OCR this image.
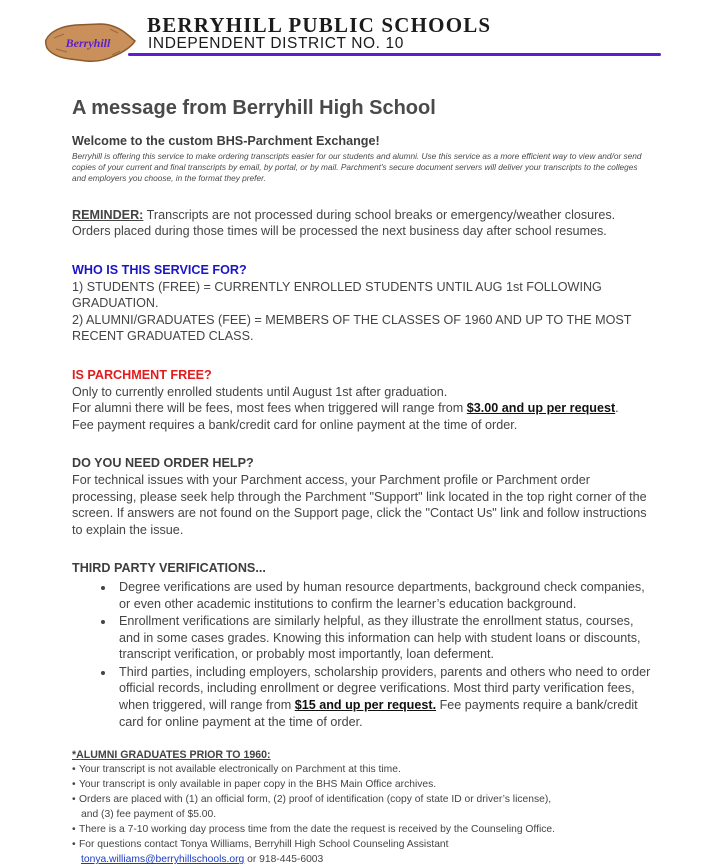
Berryhill
BERRYHILL PUBLIC SCHOOLS
INDEPENDENT DISTRICT NO. 10
A message from Berryhill High School

Welcome to the custom BHS-Parchment Exchange!

Berryhill is offering this service to make ordering transcripts easier for our students and alumni. Use this service as a more efficient way to view and/or send copies of your current and final transcripts by email, by portal, or by mail. Parchment's secure document servers will deliver your transcripts to the colleges and employers you choose, in the format they prefer.

REMINDER: Transcripts are not processed during school breaks or emergency/weather closures. Orders placed during those times will be processed the next business day after school resumes.

WHO IS THIS SERVICE FOR?

1) STUDENTS (FREE) = CURRENTLY ENROLLED STUDENTS UNTIL AUG 1st FOLLOWING GRADUATION.

2) ALUMNI/GRADUATES (FEE) = MEMBERS OF THE CLASSES OF 1960 AND UP TO THE MOST RECENT GRADUATED CLASS.

IS PARCHMENT FREE?

Only to currently enrolled students until August 1st after graduation.

For alumni there will be fees, most fees when triggered will range from $3.00 and up per request.

Fee payment requires a bank/credit card for online payment at the time of order.

DO YOU NEED ORDER HELP?

For technical issues with your Parchment access, your Parchment profile or Parchment order processing, please seek help through the Parchment "Support" link located in the top right corner of the screen. If answers are not found on the Support page, click the "Contact Us" link and follow instructions to explain the issue.

THIRD PARTY VERIFICATIONS...

• Degree verifications are used by human resource departments, background check companies, or even other academic institutions to confirm the learner’s education background.
• Enrollment verifications are similarly helpful, as they illustrate the enrollment status, courses, and in some cases grades. Knowing this information can help with student loans or discounts, transcript verification, or probably most importantly, loan deferment.
• Third parties, including employers, scholarship providers, parents and others who need to order official records, including enrollment or degree verifications. Most third party verification fees, when triggered, will range from $15 and up per request. Fee payments require a bank/credit card for online payment at the time of order.

*ALUMNI GRADUATES PRIOR TO 1960:

• Your transcript is not available electronically on Parchment at this time.
• Your transcript is only available in paper copy in the BHS Main Office archives.
• Orders are placed with (1) an official form, (2) proof of identification (copy of state ID or driver’s license),
and (3) fee payment of $5.00.
• There is a 7-10 working day process time from the date the request is received by the Counseling Office.
• For questions contact Tonya Williams, Berryhill High School Counseling Assistant
tonya.williams@berryhillschools.org or 918-445-6003
